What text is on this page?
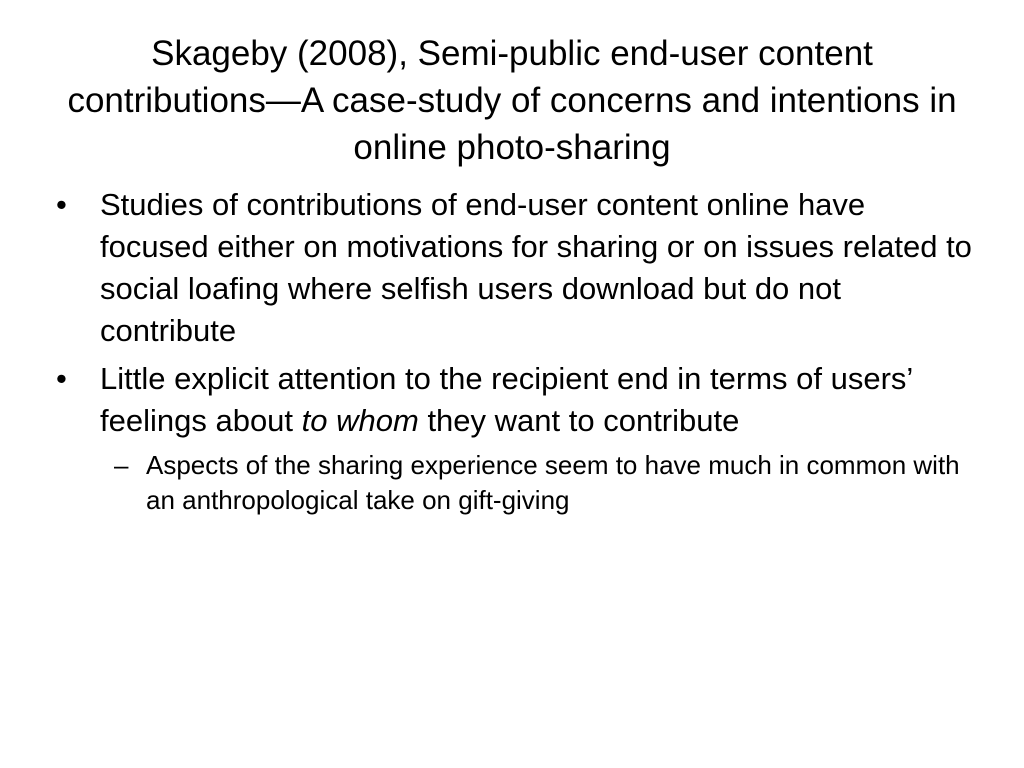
Skageby (2008), Semi-public end-user content contributions—A case-study of concerns and intentions in online photo-sharing
• Studies of contributions of end-user content online have focused either on motivations for sharing or on issues related to social loafing where selfish users download but do not contribute
• Little explicit attention to the recipient end in terms of users’ feelings about to whom they want to contribute
– Aspects of the sharing experience seem to have much in common with an anthropological take on gift-giving
